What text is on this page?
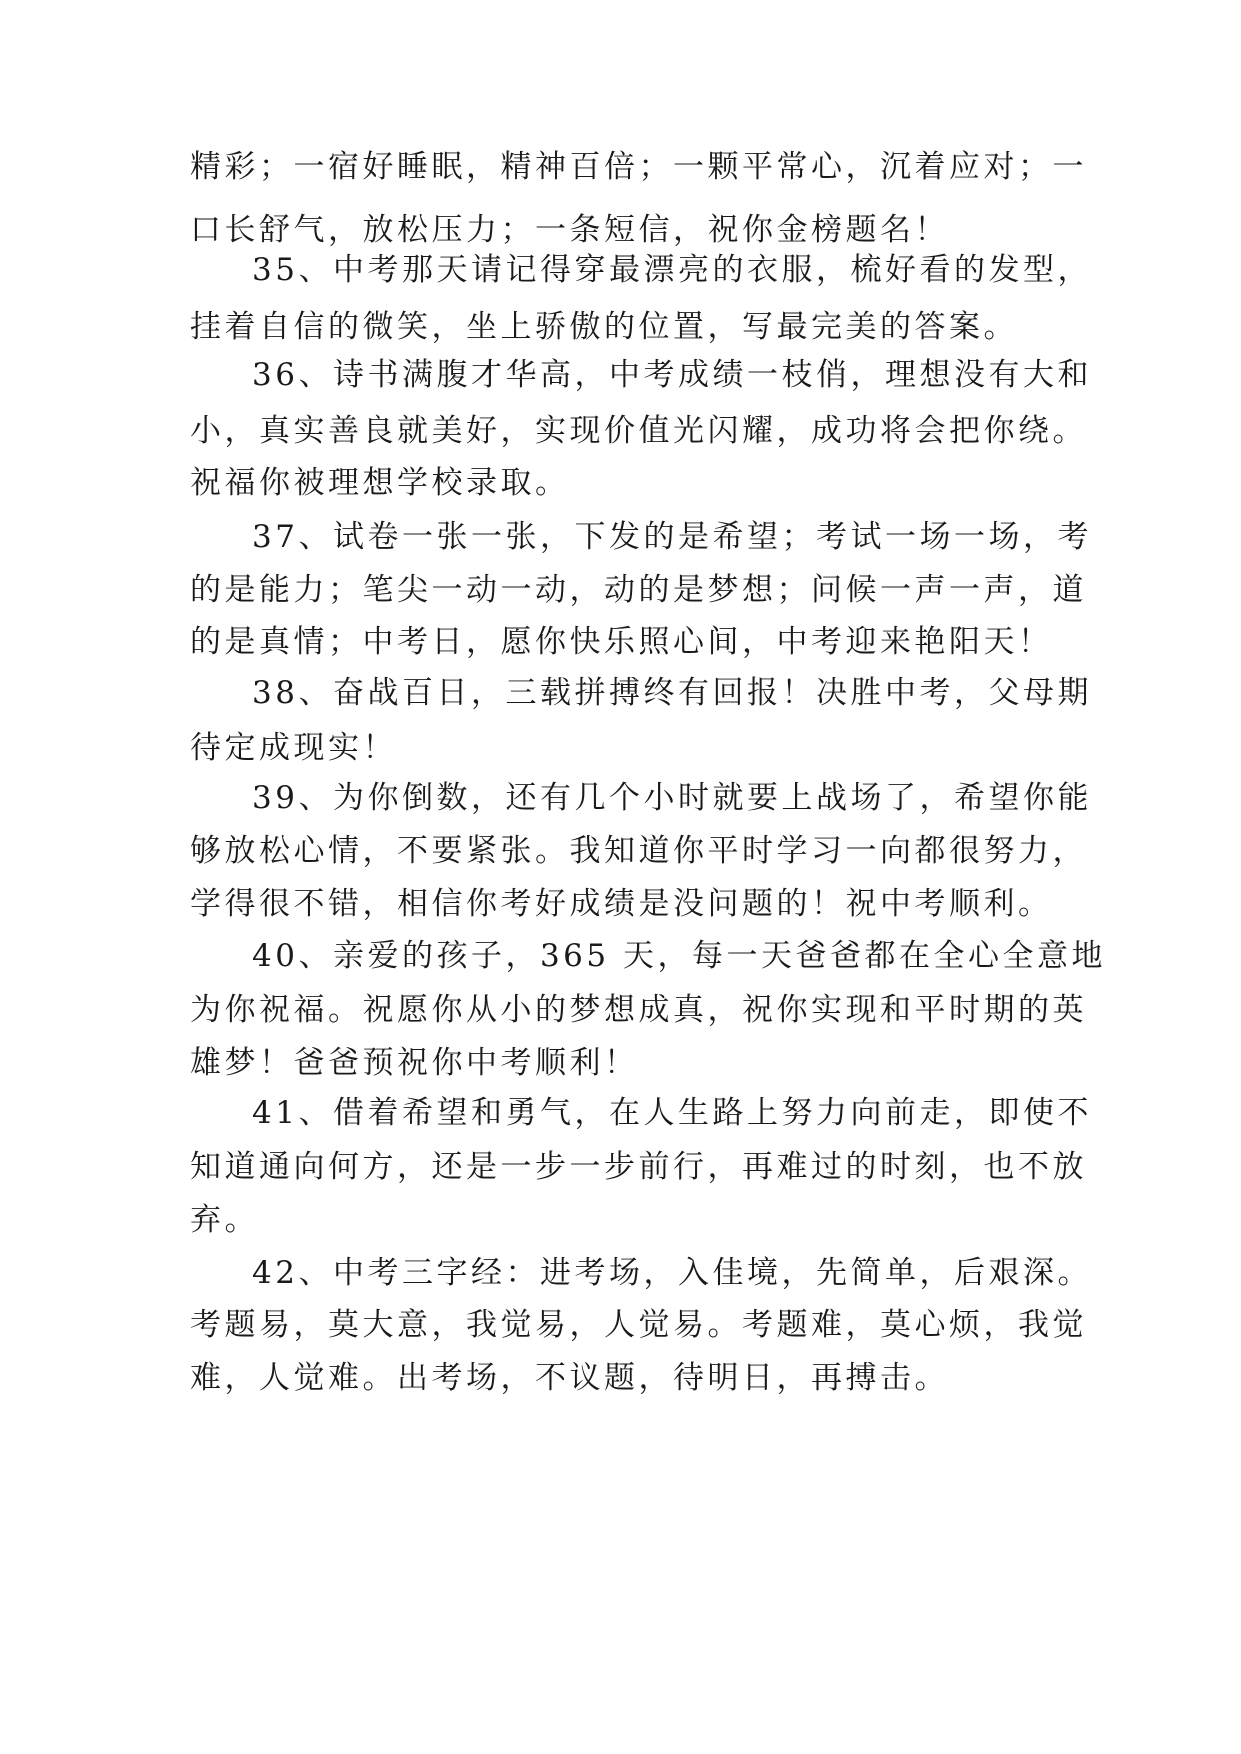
精彩；一宿好睡眠，精神百倍；一颗平常心，沉着应对；一
口长舒气，放松压力；一条短信，祝你金榜题名！
35、中考那天请记得穿最漂亮的衣服，梳好看的发型，
挂着自信的微笑，坐上骄傲的位置，写最完美的答案。
36、诗书满腹才华高，中考成绩一枝俏，理想没有大和
小，真实善良就美好，实现价值光闪耀，成功将会把你绕。
祝福你被理想学校录取。
37、试卷一张一张，下发的是希望；考试一场一场，考
的是能力；笔尖一动一动，动的是梦想；问候一声一声，道
的是真情；中考日，愿你快乐照心间，中考迎来艳阳天！
38、奋战百日，三载拼搏终有回报！决胜中考，父母期
待定成现实！
39、为你倒数，还有几个小时就要上战场了，希望你能
够放松心情，不要紧张。我知道你平时学习一向都很努力，
学得很不错，相信你考好成绩是没问题的！祝中考顺利。
40、亲爱的孩子，365 天，每一天爸爸都在全心全意地
为你祝福。祝愿你从小的梦想成真，祝你实现和平时期的英
雄梦！爸爸预祝你中考顺利！
41、借着希望和勇气，在人生路上努力向前走，即使不
知道通向何方，还是一步一步前行，再难过的时刻，也不放
弃。
42、中考三字经：进考场，入佳境，先简单，后艰深。
考题易，莫大意，我觉易，人觉易。考题难，莫心烦，我觉
难，人觉难。出考场，不议题，待明日，再搏击。
